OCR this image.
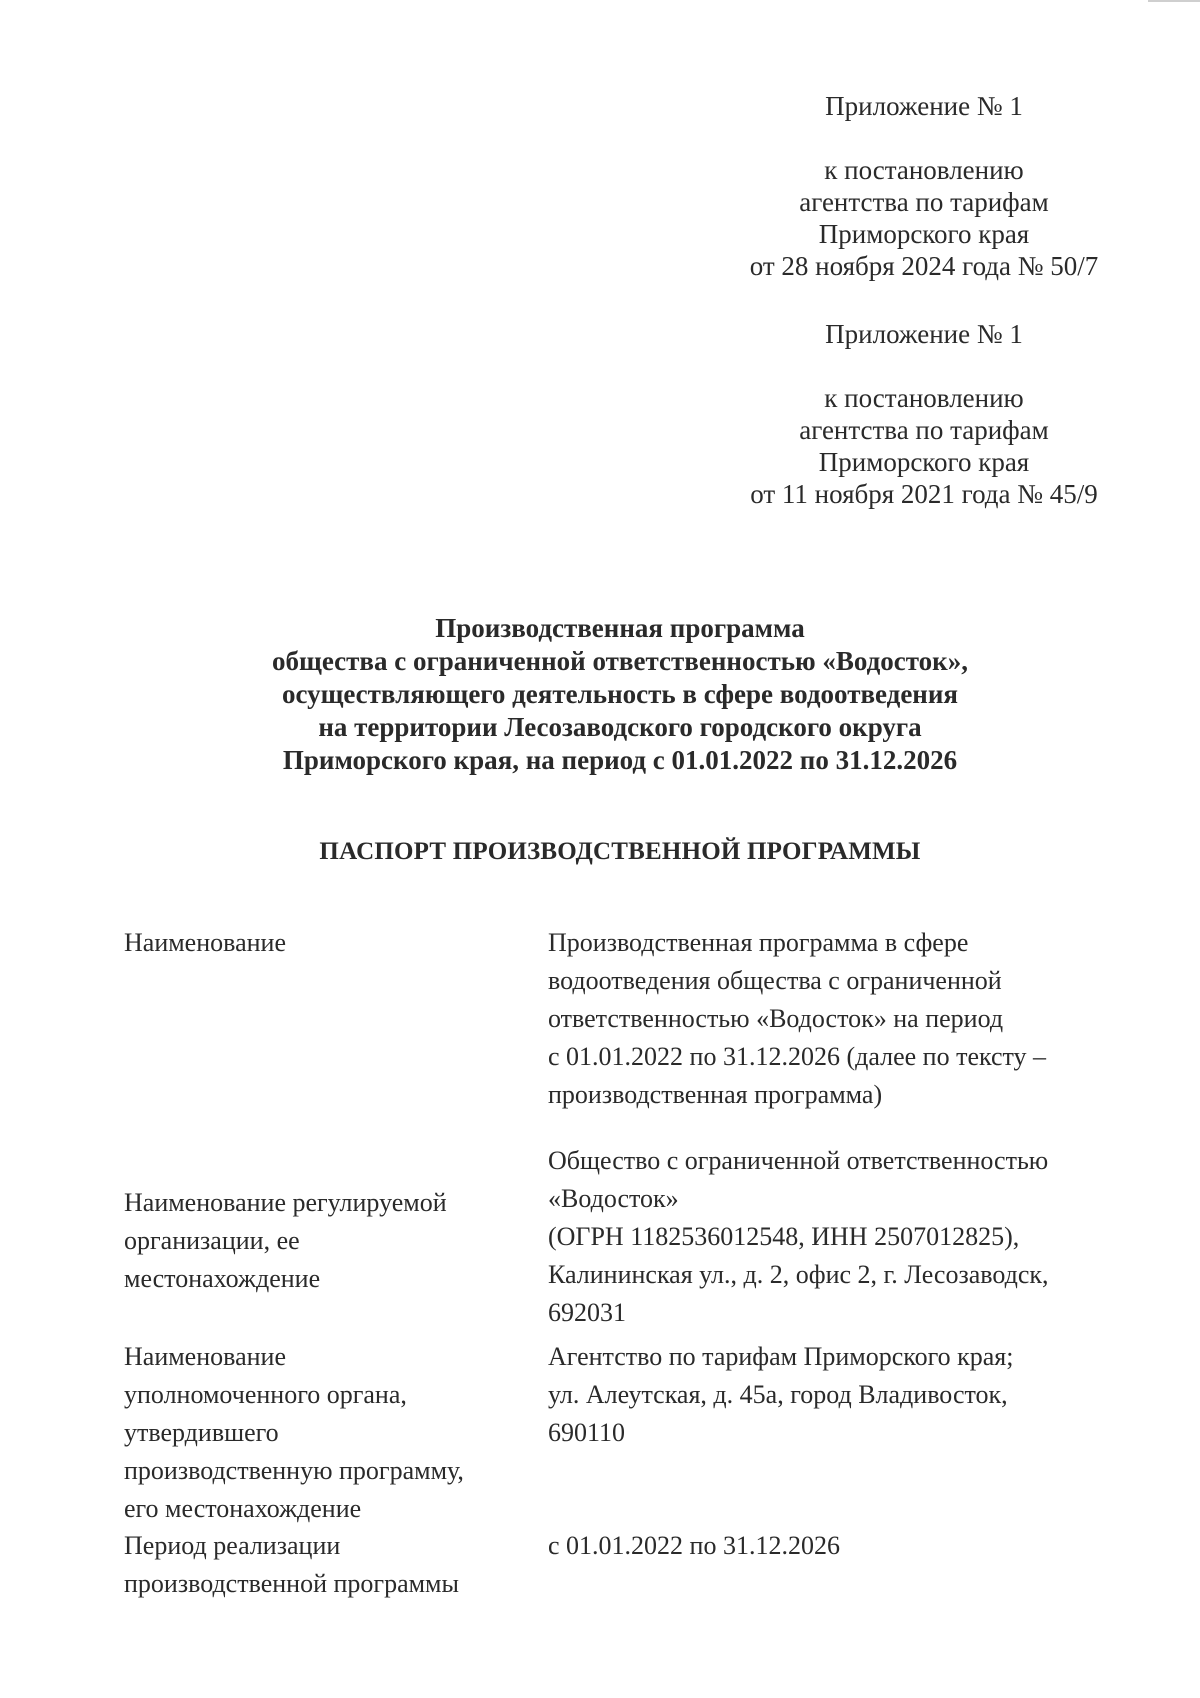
Приложение № 1
к постановлению
агентства по тарифам
Приморского края
от 28 ноября 2024 года № 50/7
Приложение № 1
к постановлению
агентства по тарифам
Приморского края
от 11 ноября 2021 года № 45/9
Производственная программа
общества с ограниченной ответственностью «Водосток»,
осуществляющего деятельность в сфере водоотведения
на территории Лесозаводского городского округа
Приморского края, на период с 01.01.2022 по 31.12.2026
ПАСПОРТ ПРОИЗВОДСТВЕННОЙ ПРОГРАММЫ
Наименование	Производственная программа в сфере
водоотведения общества с ограниченной
ответственностью «Водосток» на период
с 01.01.2022 по 31.12.2026 (далее по тексту –
производственная программа)
Наименование регулируемой
организации, ее
местонахождение
Общество с ограниченной ответственностью
«Водосток»
(ОГРН 1182536012548, ИНН 2507012825),
Калининская ул., д. 2, офис 2, г. Лесозаводск,
692031
Наименование
уполномоченного органа,
утвердившего
производственную программу,
его местонахождение
Агентство по тарифам Приморского края;
ул. Алеутская, д. 45а, город Владивосток,
690110
Период реализации
производственной программы
с 01.01.2022 по 31.12.2026
